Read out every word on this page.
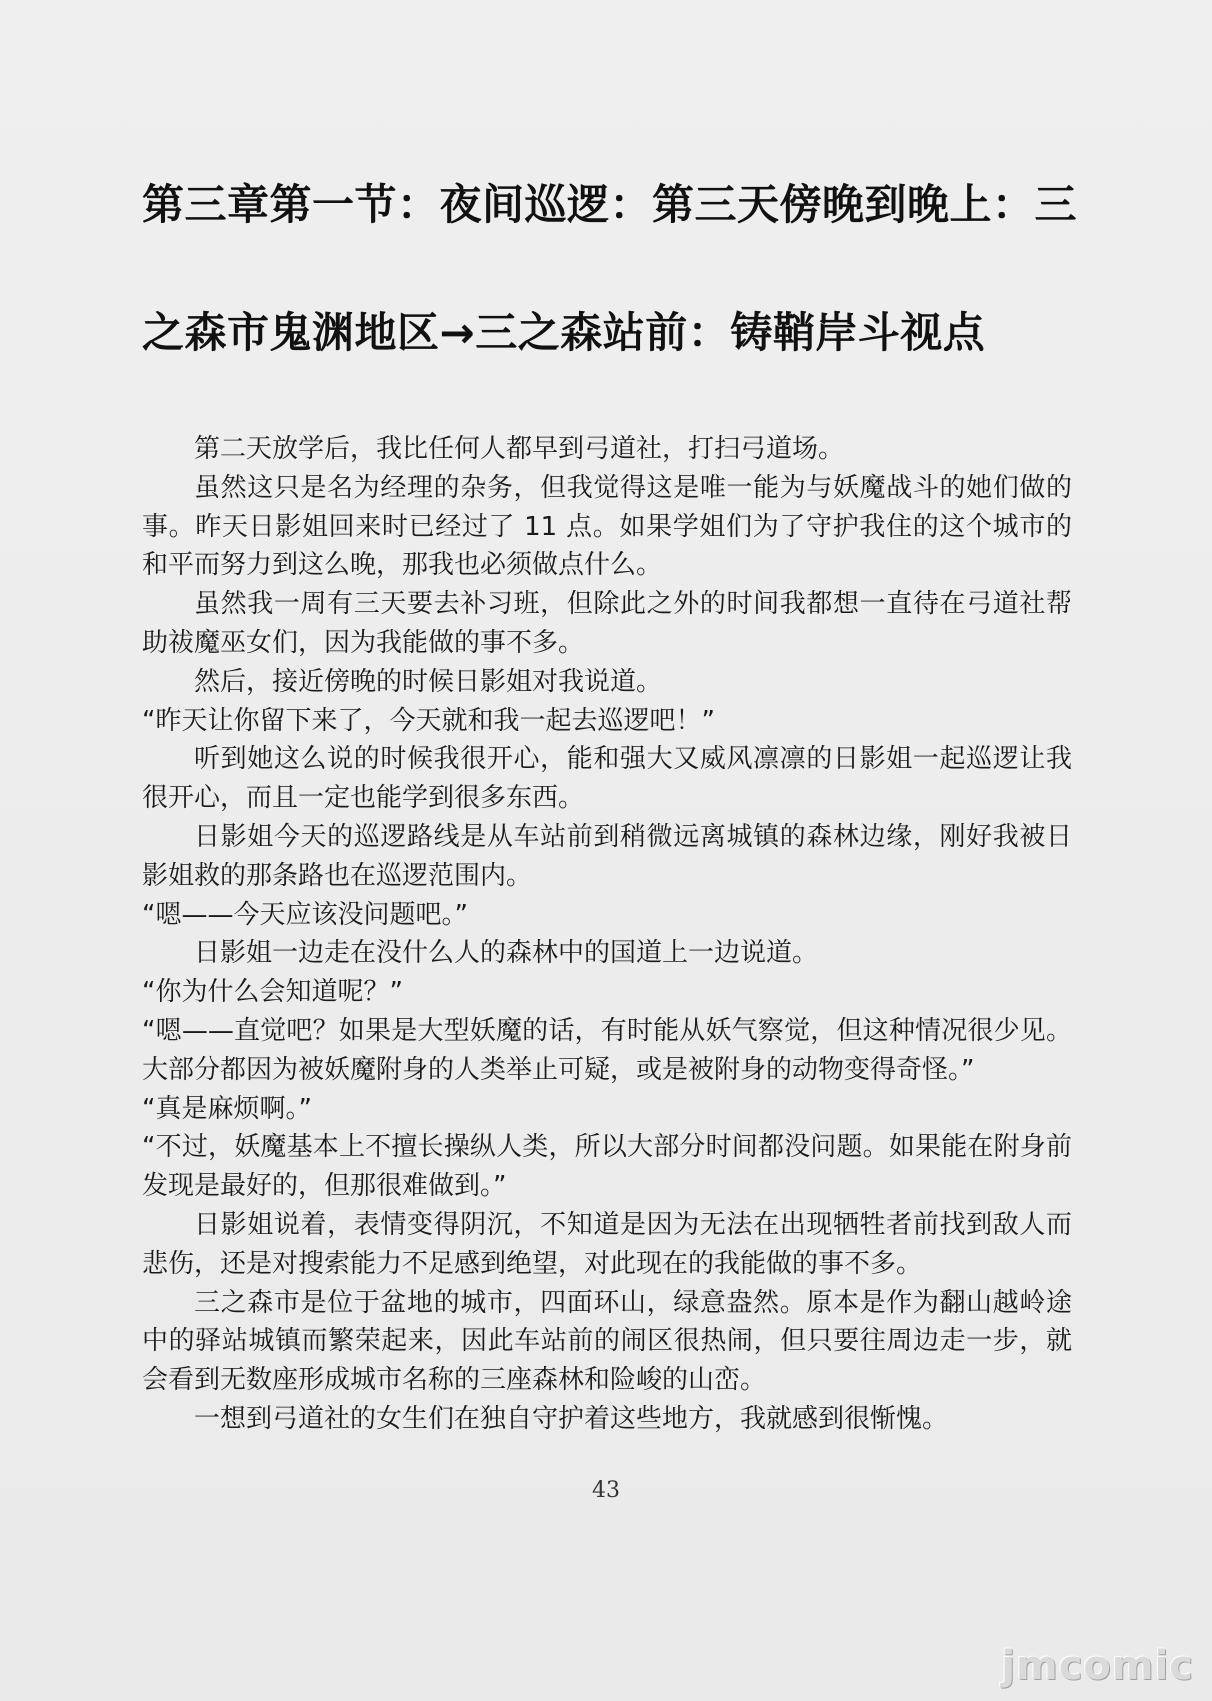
第三章第一节：夜间巡逻：第三天傍晚到晚上：三
之森市鬼渊地区→三之森站前：铸鞘岸斗视点

第二天放学后，我比任何人都早到弓道社，打扫弓道场。

虽然这只是名为经理的杂务，但我觉得这是唯一能为与妖魔战斗的她们做的事。昨天日影姐回来时已经过了 11 点。如果学姐们为了守护我住的这个城市的和平而努力到这么晚，那我也必须做点什么。

虽然我一周有三天要去补习班，但除此之外的时间我都想一直待在弓道社帮助祓魔巫女们，因为我能做的事不多。

然后，接近傍晚的时候日影姐对我说道。

“昨天让你留下来了，今天就和我一起去巡逻吧！”

听到她这么说的时候我很开心，能和强大又威风凛凛的日影姐一起巡逻让我很开心，而且一定也能学到很多东西。

日影姐今天的巡逻路线是从车站前到稍微远离城镇的森林边缘，刚好我被日影姐救的那条路也在巡逻范围内。

“嗯——今天应该没问题吧。”

日影姐一边走在没什么人的森林中的国道上一边说道。

“你为什么会知道呢？”

“嗯——直觉吧？如果是大型妖魔的话，有时能从妖气察觉，但这种情况很少见。大部分都因为被妖魔附身的人类举止可疑，或是被附身的动物变得奇怪。”

“真是麻烦啊。”

“不过，妖魔基本上不擅长操纵人类，所以大部分时间都没问题。如果能在附身前发现是最好的，但那很难做到。”

日影姐说着，表情变得阴沉，不知道是因为无法在出现牺牲者前找到敌人而悲伤，还是对搜索能力不足感到绝望，对此现在的我能做的事不多。

三之森市是位于盆地的城市，四面环山，绿意盎然。原本是作为翻山越岭途中的驿站城镇而繁荣起来，因此车站前的闹区很热闹，但只要往周边走一步，就会看到无数座形成城市名称的三座森林和险峻的山峦。

一想到弓道社的女生们在独自守护着这些地方，我就感到很惭愧。

43
jmcomic
